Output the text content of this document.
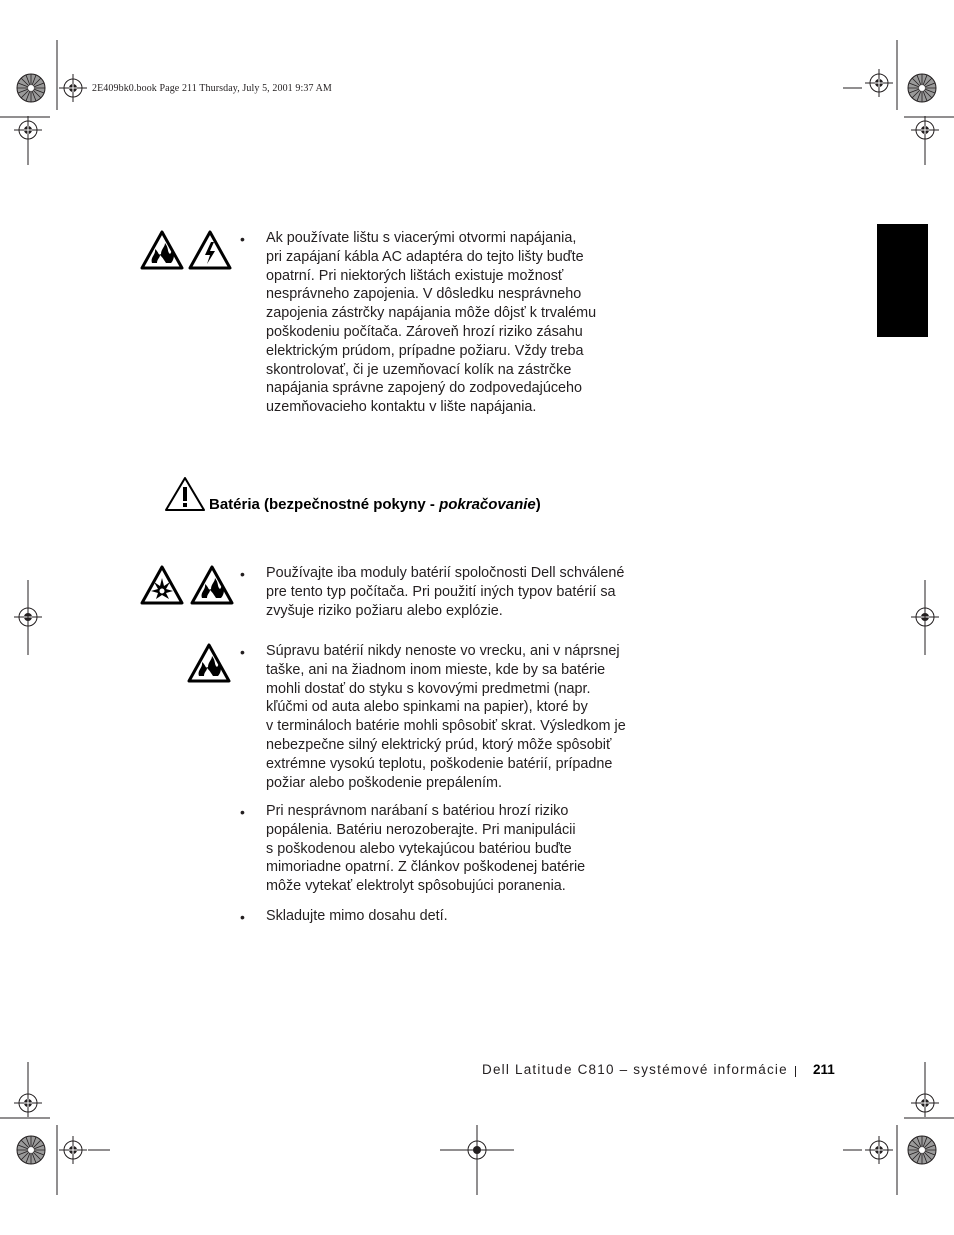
2E409bk0.book Page 211 Thursday, July 5, 2001 9:37 AM
• Ak používate lištu s viacerými otvormi napájania,
pri zapájaní kábla AC adaptéra do tejto lišty buďte
opatrní. Pri niektorých lištách existuje možnosť
nesprávneho zapojenia. V dôsledku nesprávneho
zapojenia zástrčky napájania môže dôjsť k trvalému
poškodeniu počítača. Zároveň hrozí riziko zásahu
elektrickým prúdom, prípadne požiaru. Vždy treba
skontrolovať, či je uzemňovací kolík na zástrčke
napájania správne zapojený do zodpovedajúceho
uzemňovacieho kontaktu v lište napájania.
Batéria (bezpečnostné pokyny - pokračovanie)
• Používajte iba moduly batérií spoločnosti Dell schválené
pre tento typ počítača. Pri použití iných typov batérií sa
zvyšuje riziko požiaru alebo explózie.
• Súpravu batérií nikdy nenoste vo vrecku, ani v náprsnej
taške, ani na žiadnom inom mieste, kde by sa batérie
mohli dostať do styku s kovovými predmetmi (napr.
kľúčmi od auta alebo spinkami na papier), ktoré by
v termináloch batérie mohli spôsobiť skrat. Výsledkom je
nebezpečne silný elektrický prúd, ktorý môže spôsobiť
extrémne vysokú teplotu, poškodenie batérií, prípadne
požiar alebo poškodenie prepálením.
• Pri nesprávnom narábaní s batériou hrozí riziko
popálenia. Batériu nerozoberajte. Pri manipulácii
s poškodenou alebo vytekajúcou batériou buďte
mimoriadne opatrní. Z článkov poškodenej batérie
môže vytekať elektrolyt spôsobujúci poranenia.
• Skladujte mimo dosahu detí.
Dell Latitude C810 – systémové informácie 211
